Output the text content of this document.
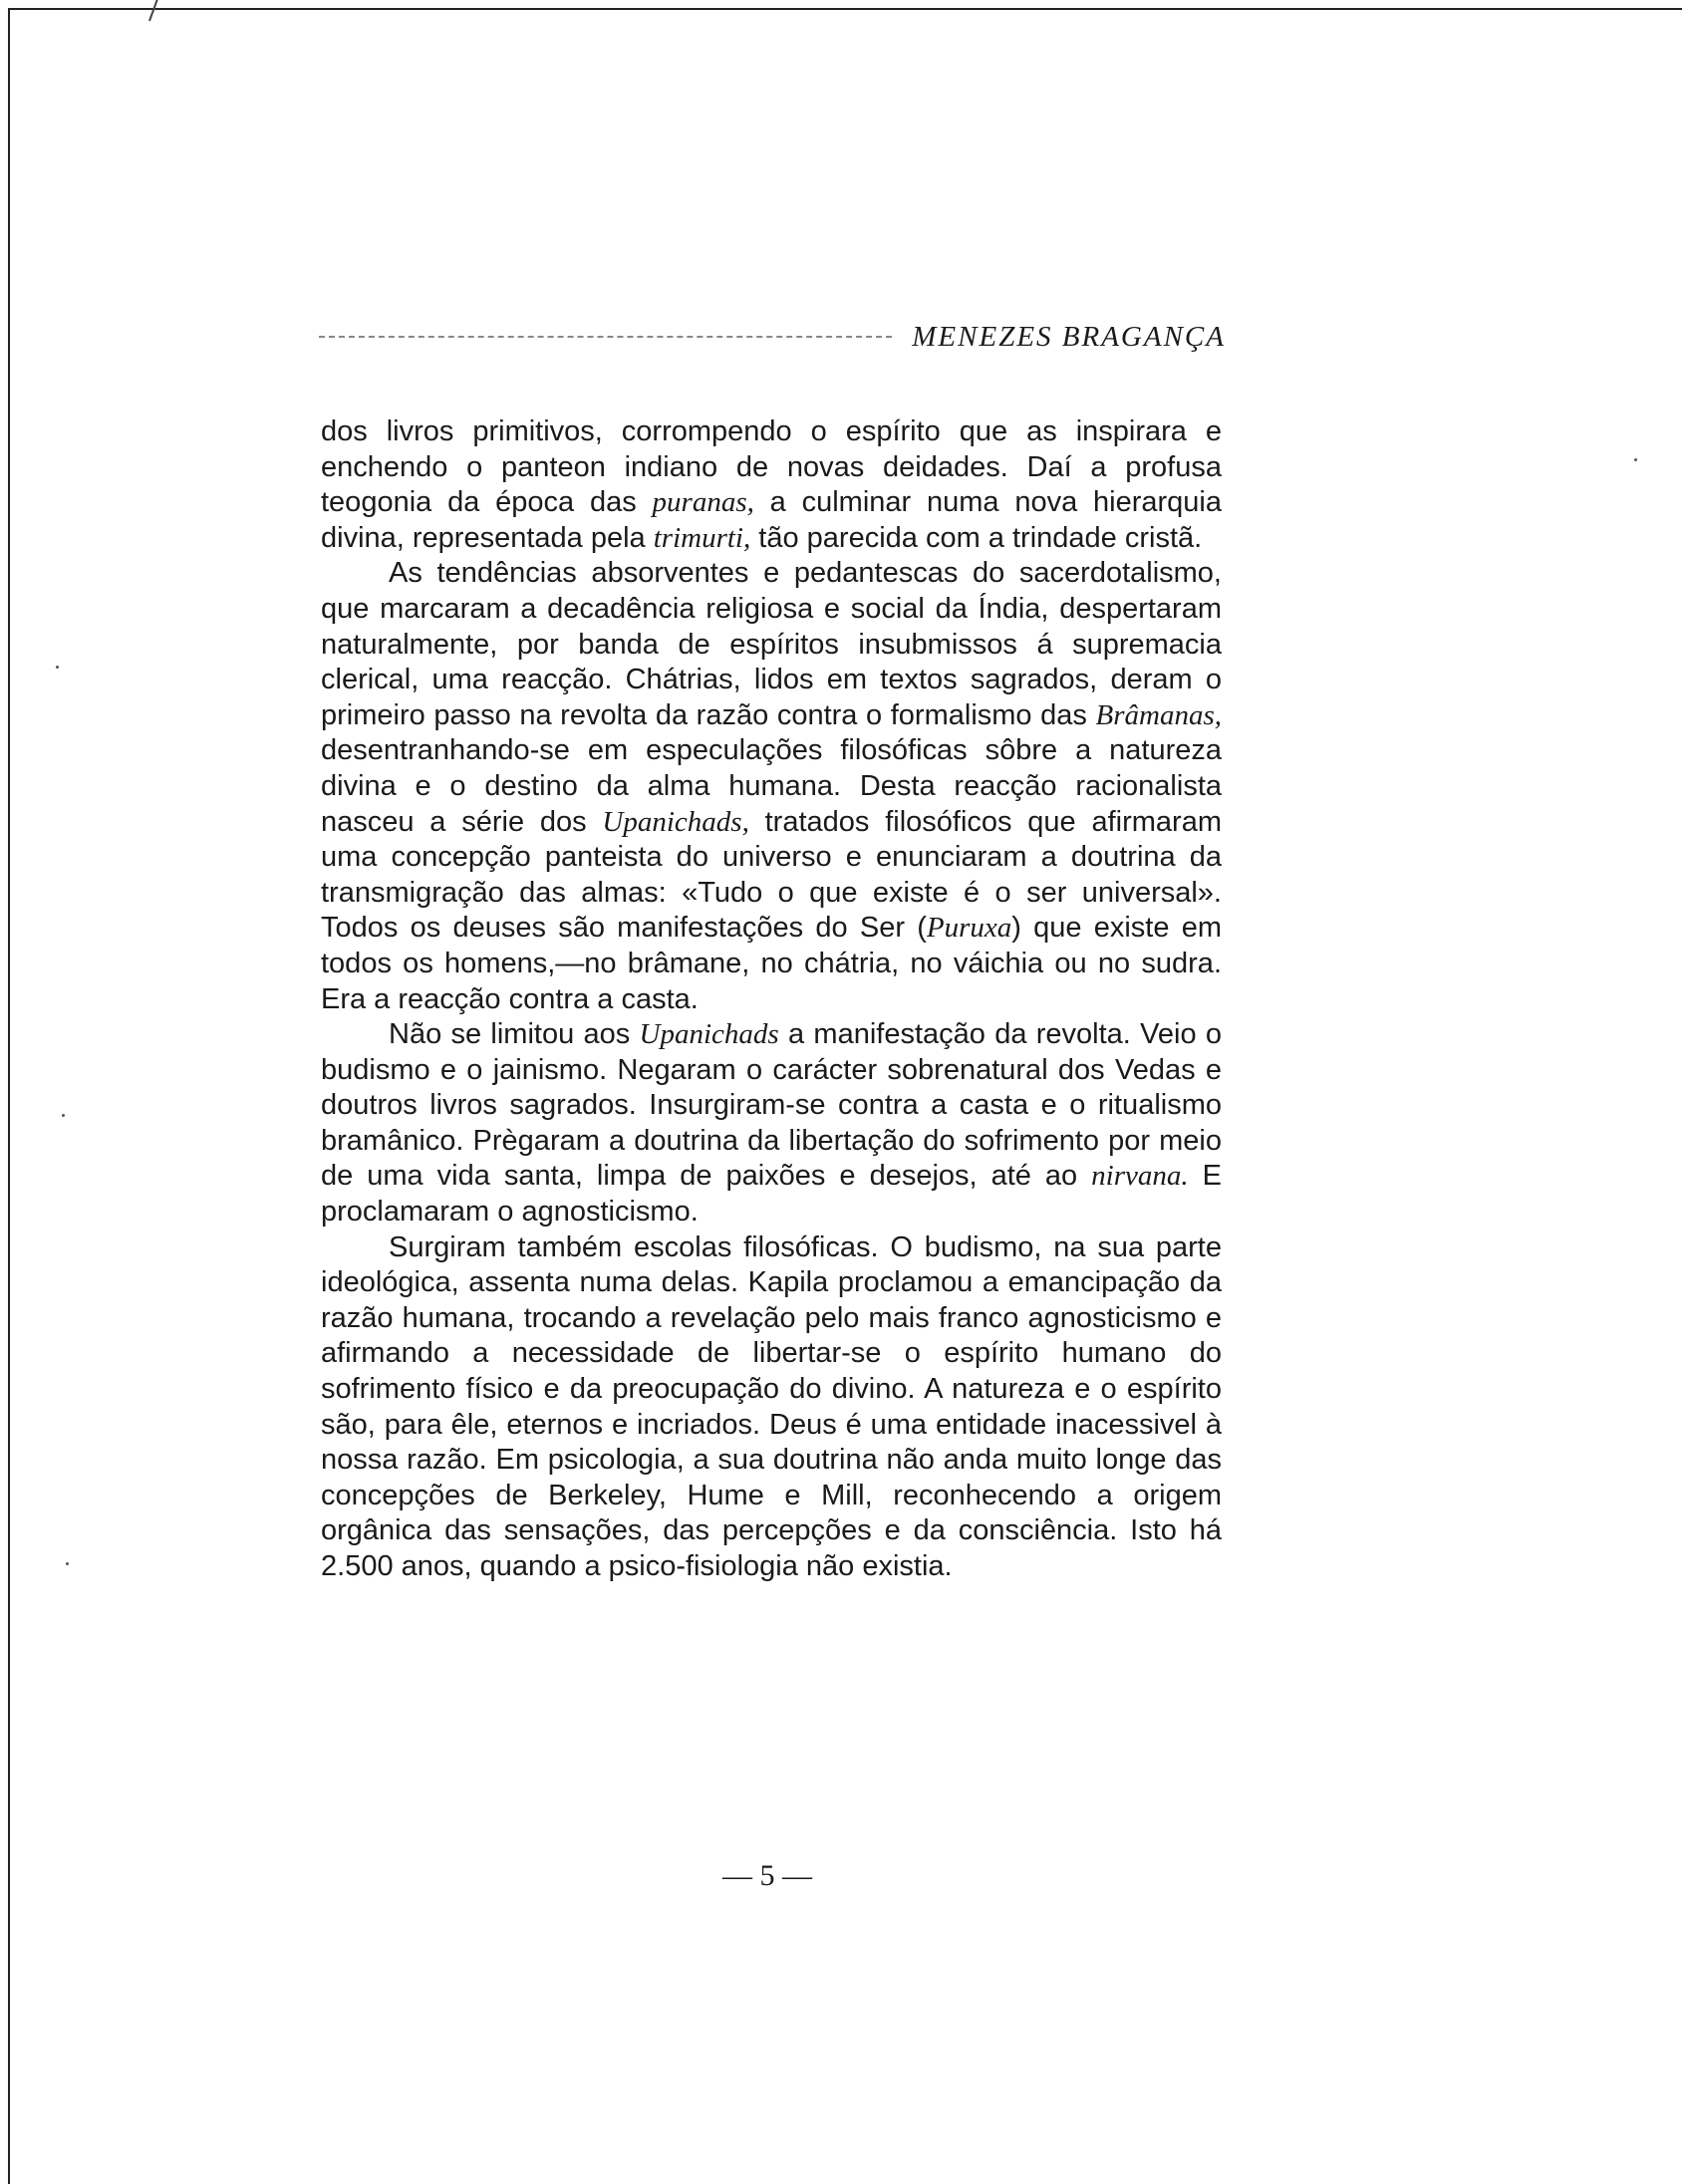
MENEZES BRAGANÇA

dos livros primitivos, corrompendo o espírito que as inspirara e enchendo o panteon indiano de novas deidades. Daí a profusa teogonia da época das puranas, a culminar numa nova hierarquia divina, representada pela trimurti, tão parecida com a trindade cristã.

As tendências absorventes e pedantescas do sacerdotalismo, que marcaram a decadência religiosa e social da Índia, despertaram naturalmente, por banda de espíritos insubmissos á supremacia clerical, uma reacção. Chátrias, lidos em textos sagrados, deram o primeiro passo na revolta da razão contra o formalismo das Brâmanas, desentranhando-se em especulações filosóficas sôbre a natureza divina e o destino da alma humana. Desta reacção racionalista nasceu a série dos Upanichads, tratados filosóficos que afirmaram uma concepção panteista do universo e enunciaram a doutrina da transmigração das almas: «Tudo o que existe é o ser universal». Todos os deuses são manifestações do Ser (Puruxa) que existe em todos os homens,—no brâmane, no chátria, no váichia ou no sudra. Era a reacção contra a casta.

Não se limitou aos Upanichads a manifestação da revolta. Veio o budismo e o jainismo. Negaram o carácter sobrenatural dos Vedas e doutros livros sagrados. Insurgiram-se contra a casta e o ritualismo bramânico. Prègaram a doutrina da libertação do sofrimento por meio de uma vida santa, limpa de paixões e desejos, até ao nirvana. E proclamaram o agnosticismo.

Surgiram também escolas filosóficas. O budismo, na sua parte ideológica, assenta numa delas. Kapila proclamou a emancipação da razão humana, trocando a revelação pelo mais franco agnosticismo e afirmando a necessidade de libertar-se o espírito humano do sofrimento físico e da preocupação do divino. A natureza e o espírito são, para êle, eternos e incriados. Deus é uma entidade inacessivel à nossa razão. Em psicologia, a sua doutrina não anda muito longe das concepções de Berkeley, Hume e Mill, reconhecendo a origem orgânica das sensações, das percepções e da consciência. Isto há 2.500 anos, quando a psico-fisiologia não existia.

— 5 —
